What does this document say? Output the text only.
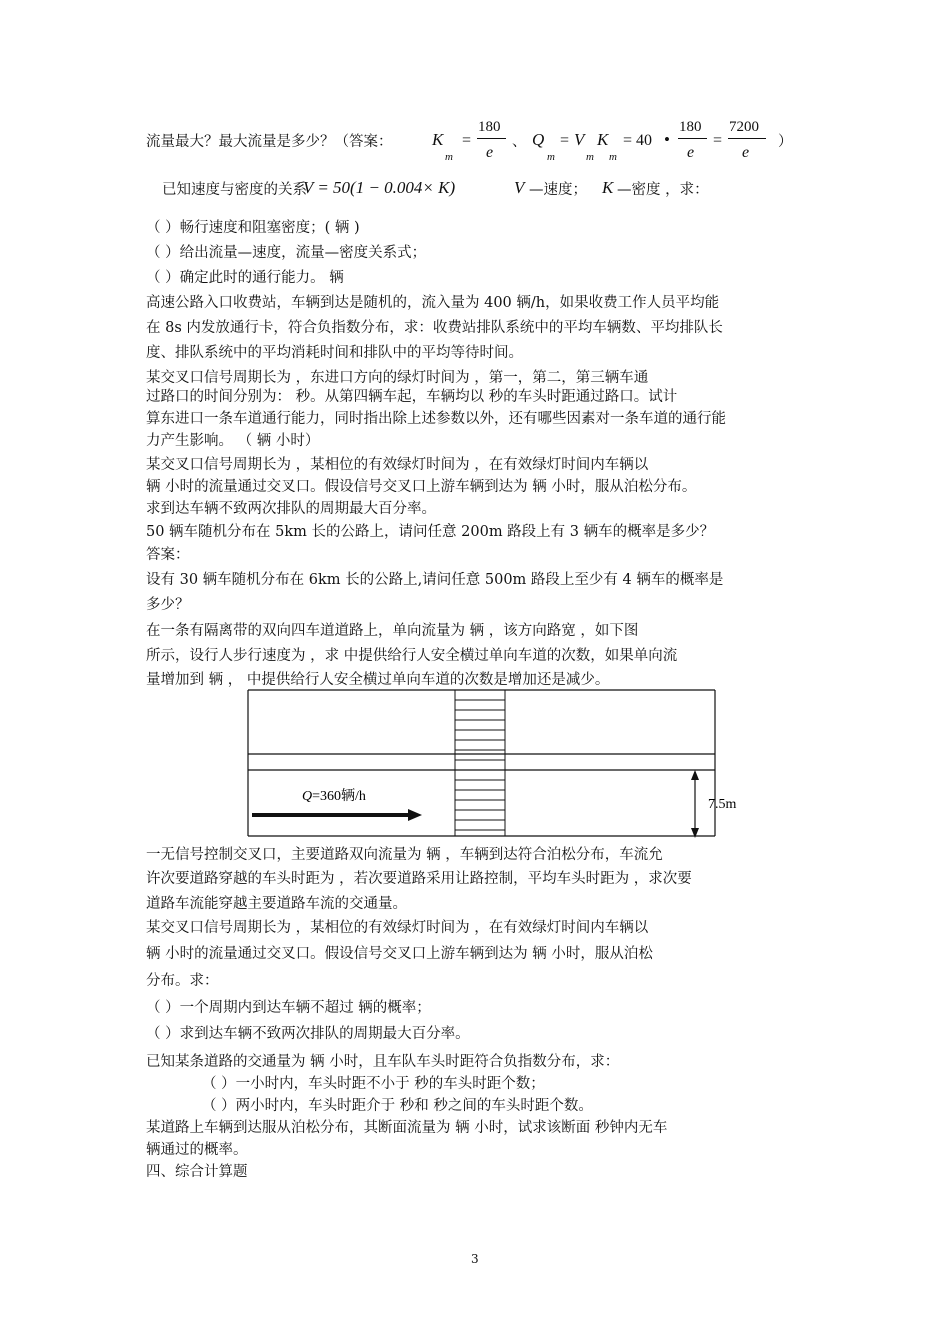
流量最大？最大流量是多少？（答案： K
m
=
180
e
、 Q
m
= V
m
K
m
= 40 •
180
e
=
7200
e
）
已知速度与密度的关系
V = 50(1 − 0.004× K)	V —速度； K —密度 ，求：
（ ）畅行速度和阻塞密度；( 辆 )
（ ）给出流量—速度，流量—密度关系式；
（ ）确定此时的通行能力。 辆
高速公路入口收费站，车辆到达是随机的，流入量为 400 辆/h，如果收费工作人员平均能
在 8s 内发放通行卡，符合负指数分布，求：收费站排队系统中的平均车辆数、平均排队长
度、排队系统中的平均消耗时间和排队中的平均等待时间。
某交叉口信号周期长为 ，东进口方向的绿灯时间为 ，第一，第二，第三辆车通
过路口的时间分别为： 秒。从第四辆车起，车辆均以 秒的车头时距通过路口。试计
算东进口一条车道通行能力，同时指出除上述参数以外，还有哪些因素对一条车道的通行能
力产生影响。 （ 辆 小时）
某交叉口信号周期长为 ，某相位的有效绿灯时间为 ，在有效绿灯时间内车辆以
辆 小时的流量通过交叉口。假设信号交叉口上游车辆到达为 辆 小时，服从泊松分布。
求到达车辆不致两次排队的周期最大百分率。
50 辆车随机分布在 5km 长的公路上，请问任意 200m 路段上有 3 辆车的概率是多少？
答案：
设有 30 辆车随机分布在 6km 长的公路上,请问任意 500m 路段上至少有 4 辆车的概率是
多少？
在一条有隔离带的双向四车道道路上，单向流量为 辆 ，该方向路宽 ，如下图
所示，设行人步行速度为 ，求 中提供给行人安全横过单向车道的次数，如果单向流
量增加到 辆 ， 中提供给行人安全横过单向车道的次数是增加还是减少。
Q=360辆/h
7.5m
一无信号控制交叉口，主要道路双向流量为 辆 ，车辆到达符合泊松分布，车流允
许次要道路穿越的车头时距为 ，若次要道路采用让路控制，平均车头时距为 ，求次要
道路车流能穿越主要道路车流的交通量。
某交叉口信号周期长为 ，某相位的有效绿灯时间为 ，在有效绿灯时间内车辆以
辆 小时的流量通过交叉口。假设信号交叉口上游车辆到达为 辆 小时，服从泊松
分布。求：
（ ）一个周期内到达车辆不超过 辆的概率；
（ ）求到达车辆不致两次排队的周期最大百分率。
已知某条道路的交通量为 辆 小时，且车队车头时距符合负指数分布，求：
（ ）一小时内，车头时距不小于 秒的车头时距个数；
（ ）两小时内，车头时距介于 秒和 秒之间的车头时距个数。
某道路上车辆到达服从泊松分布，其断面流量为 辆 小时，试求该断面 秒钟内无车
辆通过的概率。
四、综合计算题
3
